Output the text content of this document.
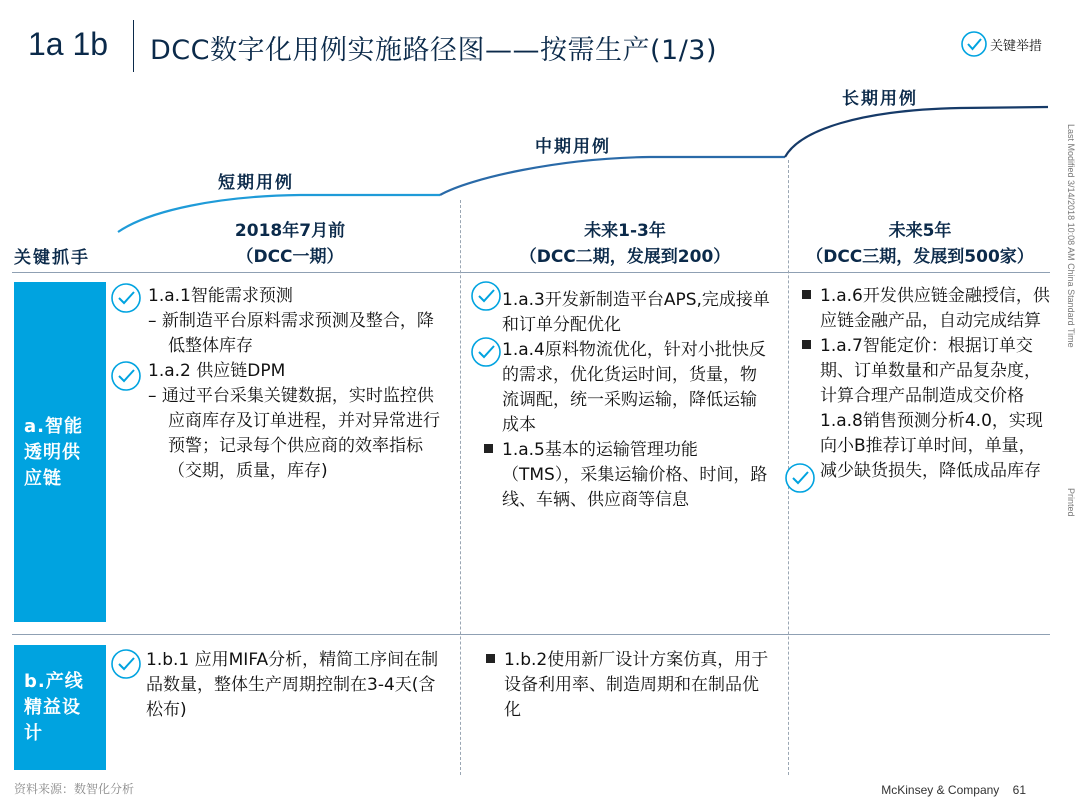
1a 1b DCC数字化用例实施路径图——按需生产(1/3)	关键举措
短期用例
中期用例
长期用例
关键抓手
2018年7月前
（DCC一期）
未来1-3年
（DCC二期，发展到200）
未来5年
（DCC三期，发展到500家）
a.智能
透明供
应链
b.产线
精益设
计
1.a.1智能需求预测
– 新制造平台原料需求预测及整合，降低整体库存
1.a.2 供应链DPM
– 通过平台采集关键数据，实时监控供应商库存及订单进程，并对异常进行预警；记录每个供应商的效率指标（交期，质量，库存)
1.a.3开发新制造平台APS,完成接单和订单分配优化
1.a.4原料物流优化，针对小批快反的需求，优化货运时间，货量，物流调配，统一采购运输，降低运输成本
1.a.5基本的运输管理功能（TMS），采集运输价格、时间，路线、车辆、供应商等信息
1.a.6开发供应链金融授信，供应链金融产品，自动完成结算
1.a.7智能定价：根据订单交期、订单数量和产品复杂度，计算合理产品制造成交价格
1.a.8销售预测分析4.0，实现向小B推荐订单时间，单量，减少缺货损失，降低成品库存
1.b.1 应用MIFA分析，精简工序间在制品数量，整体生产周期控制在3-4天(含松布)
1.b.2使用新厂设计方案仿真，用于设备利用率、制造周期和在制品优化
Last Modified 3/14/2018 10:08 AM China Standard Time
Printed
资料来源：数智化分析	McKinsey & Company 61
